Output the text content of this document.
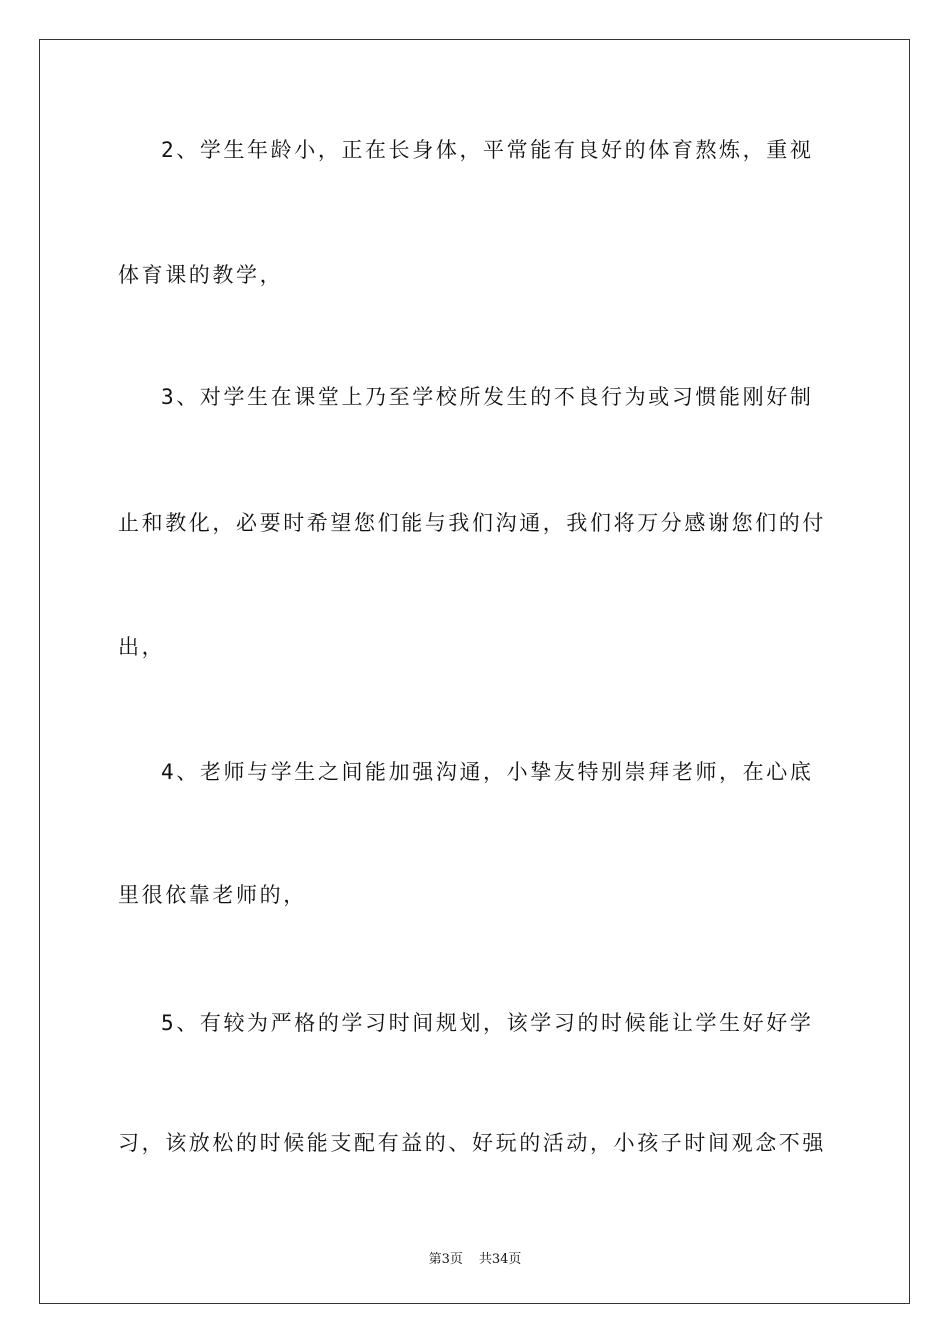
2、学生年龄小，正在长身体，平常能有良好的体育熬炼，重视
体育课的教学，
3、对学生在课堂上乃至学校所发生的不良行为或习惯能刚好制
止和教化，必要时希望您们能与我们沟通，我们将万分感谢您们的付
出，
4、老师与学生之间能加强沟通，小挚友特别崇拜老师，在心底
里很依靠老师的，
5、有较为严格的学习时间规划，该学习的时候能让学生好好学
习，该放松的时候能支配有益的、好玩的活动，小孩子时间观念不强
第3页 共34页
